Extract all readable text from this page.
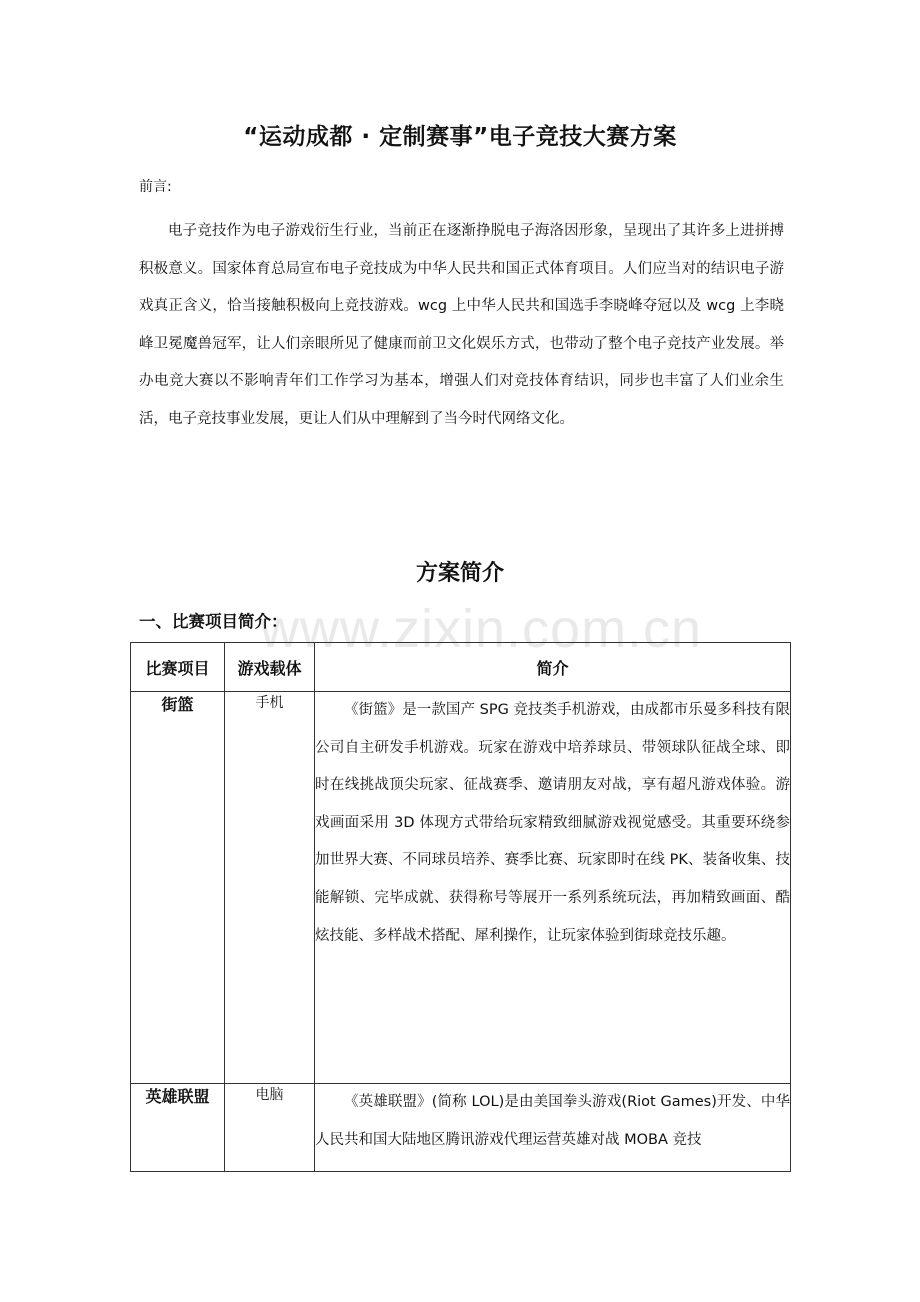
“运动成都 · 定制赛事”电子竞技大赛方案
前言:

电子竞技作为电子游戏衍生行业，当前正在逐渐挣脱电子海洛因形象，呈现出了其许多上进拼搏积极意义。国家体育总局宣布电子竞技成为中华人民共和国正式体育项目。人们应当对的结识电子游戏真正含义，恰当接触积极向上竞技游戏。wcg 上中华人民共和国选手李晓峰夺冠以及 wcg 上李晓峰卫冕魔兽冠军，让人们亲眼所见了健康而前卫文化娱乐方式，也带动了整个电子竞技产业发展。举办电竞大赛以不影响青年们工作学习为基本，增强人们对竞技体育结识，同步也丰富了人们业余生活，电子竞技事业发展，更让人们从中理解到了当今时代网络文化。

方案简介
www.zixin.com.cn
一、比赛项目简介：
比赛项目	游戏载体	简介
街篮	手机	《街篮》是一款国产 SPG 竞技类手机游戏，由成都市乐曼多科技有限公司自主研发手机游戏。玩家在游戏中培养球员、带领球队征战全球、即时在线挑战顶尖玩家、征战赛季、邀请朋友对战，享有超凡游戏体验。游戏画面采用 3D 体现方式带给玩家精致细腻游戏视觉感受。其重要环绕参加世界大赛、不同球员培养、赛季比赛、玩家即时在线 PK、装备收集、技能解锁、完毕成就、获得称号等展开一系列系统玩法，再加精致画面、酷炫技能、多样战术搭配、犀利操作，让玩家体验到街球竞技乐趣。

英雄联盟	电脑	《英雄联盟》(简称 LOL)是由美国拳头游戏(Riot Games)开发、中华人民共和国大陆地区腾讯游戏代理运营英雄对战 MOBA 竞技
